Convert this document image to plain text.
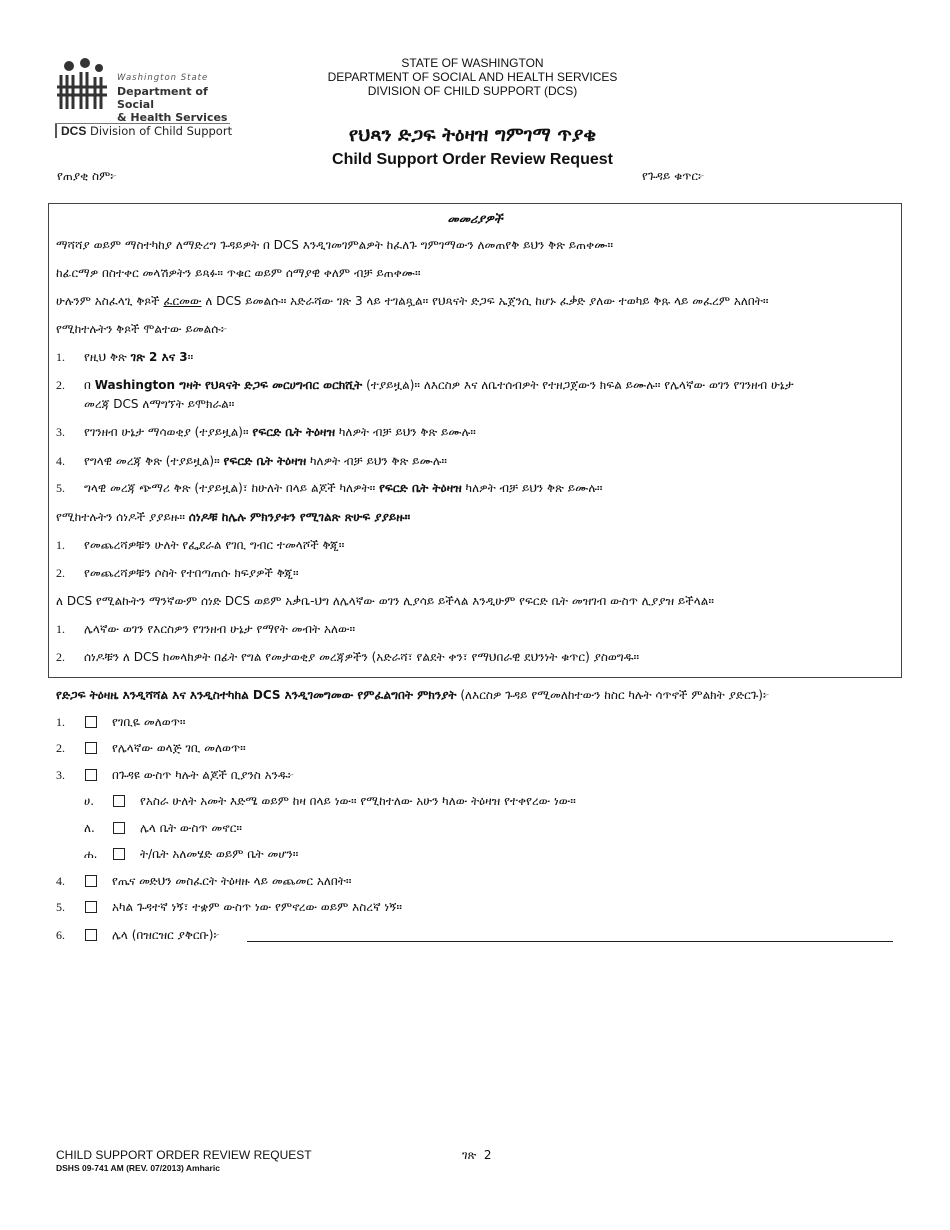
Washington State
Department of Social
& Health Services
DCS Division of Child Support
STATE OF WASHINGTON
DEPARTMENT OF SOCIAL AND HEALTH SERVICES
DIVISION OF CHILD SUPPORT (DCS)
የህጻን ድጋፍ ትዕዛዝ ግምገማ ጥያቄ
Child Support Order Review Request
የጠያቂ ስም፦	የጉዳይ ቁጥር፦
መመሪያዎች
ማሻሻያ ወይም ማስተካከያ ለማድረግ ጉዳይዎት በ DCS እንዲገመገምልዎት ከፈለጉ ግምገማውን ለመጠየቅ ይህን ቅጽ ይጠቀሙ።
ከፊርማዎ በስተቀር መላሽዎትን ይጻፉ። ጥቁር ወይም ሰማያዊ ቀለም ብቻ ይጠቀሙ።
ሁሉንም አስፈላጊ ቅጾች ፈርመው ለ DCS ይመልሱ። አድራሻው ገጽ 3 ላይ ተገልጿል። የህጻናት ድጋፍ ኤጀንሲ ከሆኑ ፈቃድ ያለው ተወካይ ቅጹ ላይ መፈረም አለበት።
የሚከተሉትን ቅጾች ሞልተው ይመልሱ፦
1. የዚህ ቅጽ ገጽ 2 እና 3።
2. በ Washington ግዛት የህጻናት ድጋፍ መርሀግብር ወርክሺት (ተያይዟል)። ለእርስዎ እና ለቤተሰብዎት የተዘጋጀውን ክፍል ይሙሉ። የሌላኛው ወገን የገንዘብ ሁኔታ
መረጃ DCS ለማግኘት ይሞክራል።
3. የገንዘብ ሁኔታ ማሳወቂያ (ተያይዟል)። የፍርድ ቤት ትዕዛዝ ካለዎት ብቻ ይህን ቅጽ ይሙሉ።
4. የግላዊ መረጃ ቅጽ (ተያይዟል)። የፍርድ ቤት ትዕዛዝ ካለዎት ብቻ ይህን ቅጽ ይሙሉ።
5. ግላዊ መረጃ ጭማሪ ቅጽ (ተያይዟል)፣ ከሁለት በላይ ልጆች ካለዎት። የፍርድ ቤት ትዕዛዝ ካለዎት ብቻ ይህን ቅጽ ይሙሉ።
የሚከተሉትን ሰነዶች ያያይዙ። ሰነዶቹ ከሌሉ ምክንያቱን የሚገልጽ ጽሁፍ ያያይዙ።
1. የመጨረሻዎቹን ሁለት የፌደራል የገቢ ግብር ተመላሾች ቅጂ።
2. የመጨረሻዎቹን ሶስት የተበጣጠሱ ክፍያዎች ቅጂ።
ለ DCS የሚልኩትን ማንኛውም ሰነድ DCS ወይም አቃቤ-ህግ ለሌላኛው ወገን ሊያሳይ ይችላል እንዲሁም የፍርድ ቤት መዝገብ ውስጥ ሊያያዝ ይችላል።
1. ሌላኛው ወገን የእርስዎን የገንዘብ ሁኔታ የማየት መብት አለው።
2. ሰነዶቹን ለ DCS ከመላክዎት በፊት የግል የመታወቂያ መረጃዎችን (አድራሻ፣ የልደት ቀን፣ የማህበራዊ ደህንነት ቁጥር) ያስወግዱ።
የድጋፍ ትዕዛዜ እንዲሻሻል እና እንዲስተካከል DCS እንዲገመግመው የምፈልግበት ምክንያት (ለእርስዎ ጉዳይ የሚመለከተውን ከስር ካሉት ሳጥኖች ምልክት ያድርጉ)፦
1.	የገቢዬ መለወጥ።
2.	የሌላኛው ወላጅ ገቢ መለወጥ።
3.	በጉዳዩ ውስጥ ካሉት ልጆች ቢያንስ አንዱ፦
ሀ.	የአስራ ሁለት አመት እድሜ ወይም ከዛ በላይ ነው። የሚከተለው አሁን ካለው ትዕዛዝ የተቀየረው ነው።
ለ.	ሌላ ቤት ውስጥ መኖር።
ሐ.	ት/ቤት አለመሄድ ወይም ቤት መሆን።
4.	የጤና መድህን መስፈርት ትዕዛዙ ላይ መጨመር አለበት።
5.	አካል ጉዳተኛ ነኝ፣ ተቋም ውስጥ ነው የምኖረው ወይም እስረኛ ነኝ።
6.	ሌላ (በዝርዝር ያቅርቡ)፦
CHILD SUPPORT ORDER REVIEW REQUEST
DSHS 09-741 AM (REV. 07/2013) Amharic
ገጽ 2
